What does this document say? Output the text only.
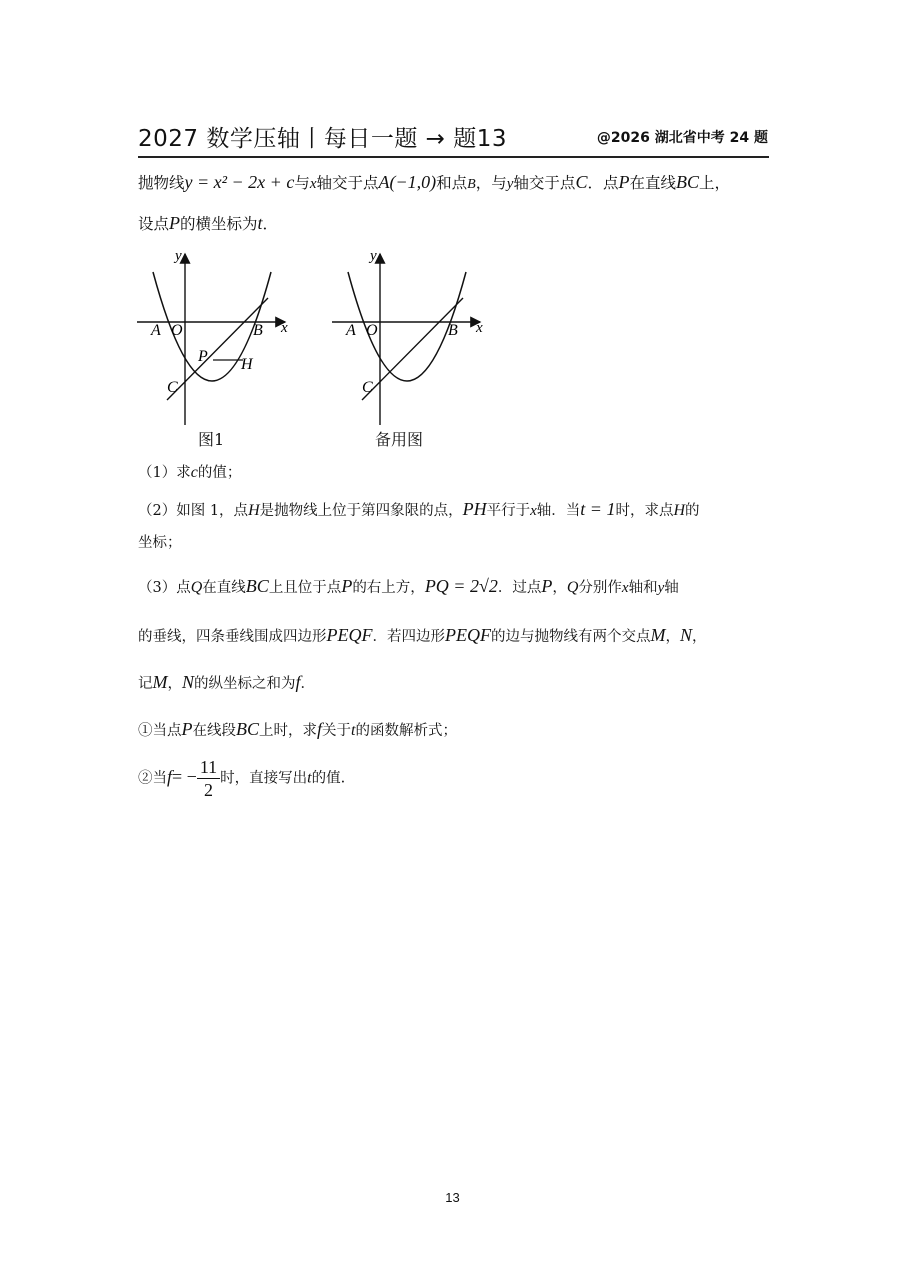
2027 数学压轴丨每日一题 → 题13	@2026 湖北省中考 24 题
抛物线y = x² − 2x + c与x轴交于点A(−1,0)和点B，与y轴交于点C．点P在直线BC上，
设点P的横坐标为t．
y
x
A O	B
P H
C
图1
y
x
A O	B
C
备用图
（1）求c的值；
（2）如图 1，点H是抛物线上位于第四象限的点，PH平行于x轴．当t = 1时，求点H的
坐标；
（3）点Q在直线BC上且位于点P的右上方，PQ = 2√2．过点P，Q分别作x轴和y轴
的垂线，四条垂线围成四边形PEQF．若四边形PEQF的边与抛物线有两个交点M，N，
记M，N的纵坐标之和为f．
①当点P在线段BC上时，求f关于t的函数解析式；
②当$f= - \frac{11}{2}$ 时，直接写出t的值.
13
